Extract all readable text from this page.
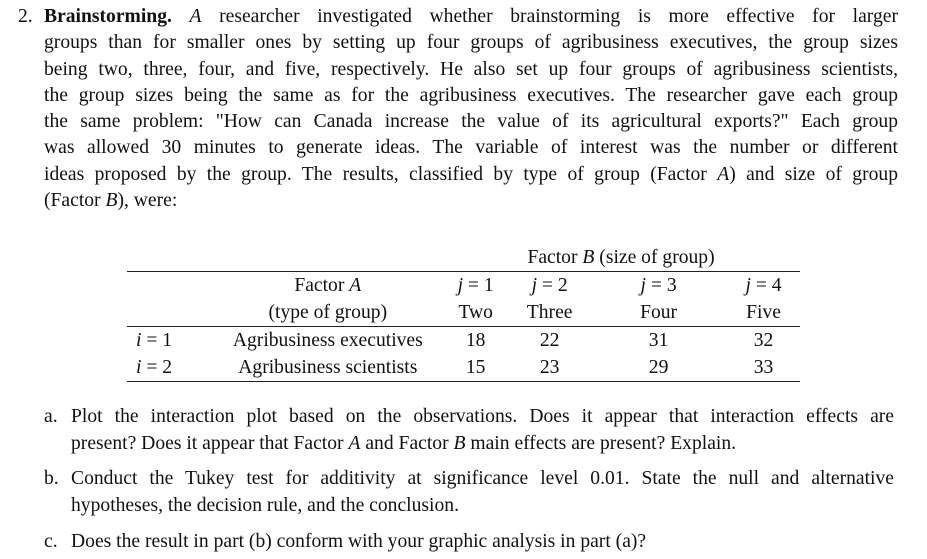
2. Brainstorming. A researcher investigated whether brainstorming is more effective for larger
groups than for smaller ones by setting up four groups of agribusiness executives, the group sizes
being two, three, four, and five, respectively. He also set up four groups of agribusiness scientists,
the group sizes being the same as for the agribusiness executives. The researcher gave each group
the same problem: "How can Canada increase the value of its agricultural exports?" Each group
was allowed 30 minutes to generate ideas. The variable of interest was the number or different
ideas proposed by the group. The results, classified by type of group (Factor A) and size of group
(Factor B), were:
		Factor B (size of group)			
	Factor A	j = 1	j = 2	j = 3	j = 4
	(type of group)	Two	Three	Four	Five
i = 1	Agribusiness executives	18	22	31	32
i = 2	Agribusiness scientists	15	23	29	33
a. Plot the interaction plot based on the observations. Does it appear that interaction effects are
present? Does it appear that Factor A and Factor B main effects are present? Explain.
b. Conduct the Tukey test for additivity at significance level 0.01. State the null and alternative
hypotheses, the decision rule, and the conclusion.
c. Does the result in part (b) conform with your graphic analysis in part (a)?
